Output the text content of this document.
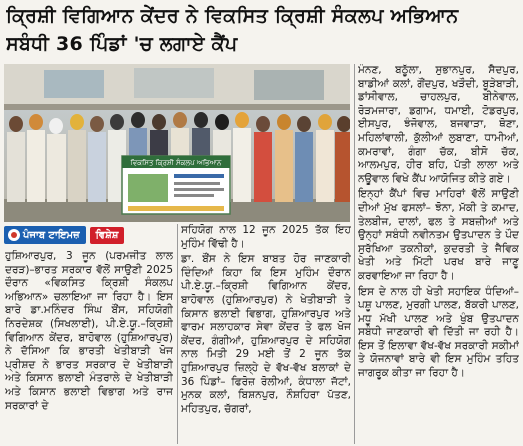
ਕ੍ਰਿਸ਼ੀ ਵਿਗਿਆਨ ਕੇਂਦਰ ਨੇ ਵਿਕਸਿਤ ਕ੍ਰਿਸ਼ੀ ਸੰਕਲਪ ਅਭਿਆਨ
ਸਬੰਧੀ 36 ਪਿੰਡਾਂ 'ਚ ਲਗਾਏ ਕੈਂਪ
ਵਿਕਸਿਤ ਕ੍ਰਿਸ਼ੀ ਸੰਕਲਪ ਅਭਿਆਨ
ਪੰਜਾਬ ਟਾਇਮਜ਼	ਵਿਸ਼ੇਸ਼

ਹੁਸ਼ਿਆਰਪੁਰ, 3 ਜੂਨ (ਪਰਮਜੀਤ ਲਾਲ ਦਰੜ)–ਭਾਰਤ ਸਰਕਾਰ ਵੱਲੋਂ ਸਾਉਣੀ 2025 ਦੌਰਾਨ «ਵਿਕਸਿਤ ਕ੍ਰਿਸ਼ੀ ਸੰਕਲਪ ਅਭਿਆਨ» ਚਲਾਇਆ ਜਾ ਰਿਹਾ ਹੈ। ਇਸ ਬਾਰੇ ਡਾ.ਮਨਿੰਦਰ ਸਿੰਘ ਬੌਂਸ, ਸਹਿਯੋਗੀ ਨਿਰਦੇਸ਼ਕ (ਸਿਖਲਾਈ), ਪੀ.ਏ.ਯੂ.–ਕ੍ਰਿਸ਼ੀ ਵਿਗਿਆਨ ਕੇਂਦਰ, ਬਾਹੋਵਾਲ (ਹੁਸ਼ਿਆਰਪੁਰ) ਨੇ ਦੱਸਿਆ ਕਿ ਭਾਰਤੀ ਖੇਤੀਬਾੜੀ ਖੋਜ ਪ੍ਰੀਸ਼ਦ ਨੇ ਭਾਰਤ ਸਰਕਾਰ ਦੇ ਖੇਤੀਬਾੜੀ ਅਤੇ ਕਿਸਾਨ ਭਲਾਈ ਮੰਤਰਾਲੇ ਦੇ ਖੇਤੀਬਾੜੀ ਅਤੇ ਕਿਸਾਨ ਭਲਾਈ ਵਿਭਾਗ ਅਤੇ ਰਾਜ ਸਰਕਾਰਾਂ ਦੇ

ਸਹਿਯੋਗ ਨਾਲ 12 ਜੂਨ 2025 ਤੱਕ ਇਹ ਮੁਹਿੰਮ ਵਿੱਢੀ ਹੈ।

ਡਾ. ਬੌਂਸ ਨੇ ਇਸ ਬਾਬਤ ਹੋਰ ਜਾਣਕਾਰੀ ਦਿੰਦਿਆਂ ਕਿਹਾ ਕਿ ਇਸ ਮੁਹਿੰਮ ਦੌਰਾਨ ਪੀ.ਏ.ਯੂ.–ਕ੍ਰਿਸ਼ੀ ਵਿਗਿਆਨ ਕੇਂਦਰ, ਬਾਹੋਵਾਲ (ਹੁਸ਼ਿਆਰਪੁਰ) ਨੇ ਖੇਤੀਬਾੜੀ ਤੇ ਕਿਸਾਨ ਭਲਾਈ ਵਿਭਾਗ, ਹੁਸ਼ਿਆਰਪੁਰ ਅਤੇ ਫਾਰਮ ਸਲਾਹਕਾਰ ਸੇਵਾ ਕੇਂਦਰ ਤੇ ਫਲ ਖੋਜ ਕੇਂਦਰ, ਗੰਗੀਆਂ, ਹੁਸ਼ਿਆਰਪੁਰ ਦੇ ਸਹਿਯੋਗ ਨਾਲ ਮਿਤੀ 29 ਮਈ ਤੋਂ 2 ਜੂਨ ਤੱਕ ਹੁਸ਼ਿਆਰਪੁਰ ਜ਼ਿਲ੍ਹੇ ਦੇ ਵੱਖ-ਵੱਖ ਬਲਾਕਾਂ ਦੇ 36 ਪਿੰਡਾਂ– ਫਿਰੋਜ਼ ਰੋਲੀਆਂ, ਕੰਧਾਲਾ ਜੱਟਾਂ, ਮੁਨਕ ਕਲਾਂ, ਬਿਸ਼ਨਪੁਰ, ਨੌਸ਼ਹਿਰਾ ਪੱਤਣ, ਮਹਿਤਪੁਰ, ਚੱਗਰਾਂ,

ਮੰਨਣ, ਬਠੂੱਲਾ, ਸੁਭਾਨਪੁਰ, ਸੈਦਪੁਰ, ਬਾਡੀਆਂ ਕਲਾਂ, ਗੌਂਦਪੁਰ, ਖੜੌਦੀ, ਬੂੜੇਬਾੜੀ, ਡਾਂਸੀਵਾਲ, ਚਾਹਲਪੁਰ, ਬੀਨੇਵਾਲ, ਰੋੜਮਜਾਰਾ, ਡਗਾਮ, ਧਮਾਈ, ਟੋਡਰਪੁਰ, ਈਸਪੁਰ, ਝੰਜੋਵਾਲ, ਬਜਵਾੜਾ, ਥੋਣਾ, ਮਹਿਲਾਂਵਾਲੀ, ਕੁੱਲੀਆਂ ਲੁਬਾਣਾ, ਧਾਮੀਆਂ, ਕਮਰਾਵਾਂ, ਗੰਗਾ ਚੱਕ, ਬੀਸੋ ਚੱਕ, ਆਲਮਪੁਰ, ਹੀਰ ਬਹਿ, ਪੱਤੀ ਲਾਲਾ ਅਤੇ ਨਊਵਾਲ ਵਿਖੇ ਕੈਂਪ ਆਯੋਜਿਤ ਕੀਤੇ ਗਏ।

ਇਨ੍ਹਾਂ ਕੈਂਪਾਂ ਵਿਚ ਮਾਹਿਰਾਂ ਵੱਲੋਂ ਸਾਉਣੀ ਦੀਆਂ ਮੁੱਖ ਫਸਲਾਂ– ਝੋਨਾ, ਮੱਕੀ ਤੇ ਕਮਾਦ, ਤੇਲਬੀਜ, ਦਾਲਾਂ, ਫਲ ਤੇ ਸਬਜ਼ੀਆਂ ਅਤੇ ਉਨ੍ਹਾਂ ਸਬੰਧੀ ਨਵੀਨਤਮ ਉਤਪਾਦਨ ਤੇ ਪੌਦ ਸੁਰੱਖਿਆ ਤਕਨੀਕਾਂ, ਕੁਦਰਤੀ ਤੇ ਜੈਵਿਕ ਖੇਤੀ ਅਤੇ ਮਿੱਟੀ ਪਰਖ ਬਾਰੇ ਜਾਣੂ ਕਰਵਾਇਆ ਜਾ ਰਿਹਾ ਹੈ।

ਇਸ ਦੇ ਨਾਲ ਹੀ ਖੇਤੀ ਸਹਾਇਕ ਧੰਦਿਆਂ– ਪਸ਼ੂ ਪਾਲਣ, ਮੁਰਗੀ ਪਾਲਣ, ਬੱਕਰੀ ਪਾਲਣ, ਮਧੂ ਮੱਖੀ ਪਾਲਣ ਅਤੇ ਖੁੰਬ ਉਤਪਾਦਨ ਸਬੰਧੀ ਜਾਣਕਾਰੀ ਵੀ ਦਿੱਤੀ ਜਾ ਰਹੀ ਹੈ। ਇਸ ਤੋਂ ਇਲਾਵਾ ਵੱਖ-ਵੱਖ ਸਰਕਾਰੀ ਸਕੀਮਾਂ ਤੇ ਯੋਜਨਾਵਾਂ ਬਾਰੇ ਵੀ ਇਸ ਮੁਹਿੰਮ ਤਹਿਤ ਜਾਗਰੂਕ ਕੀਤਾ ਜਾ ਰਿਹਾ ਹੈ।
